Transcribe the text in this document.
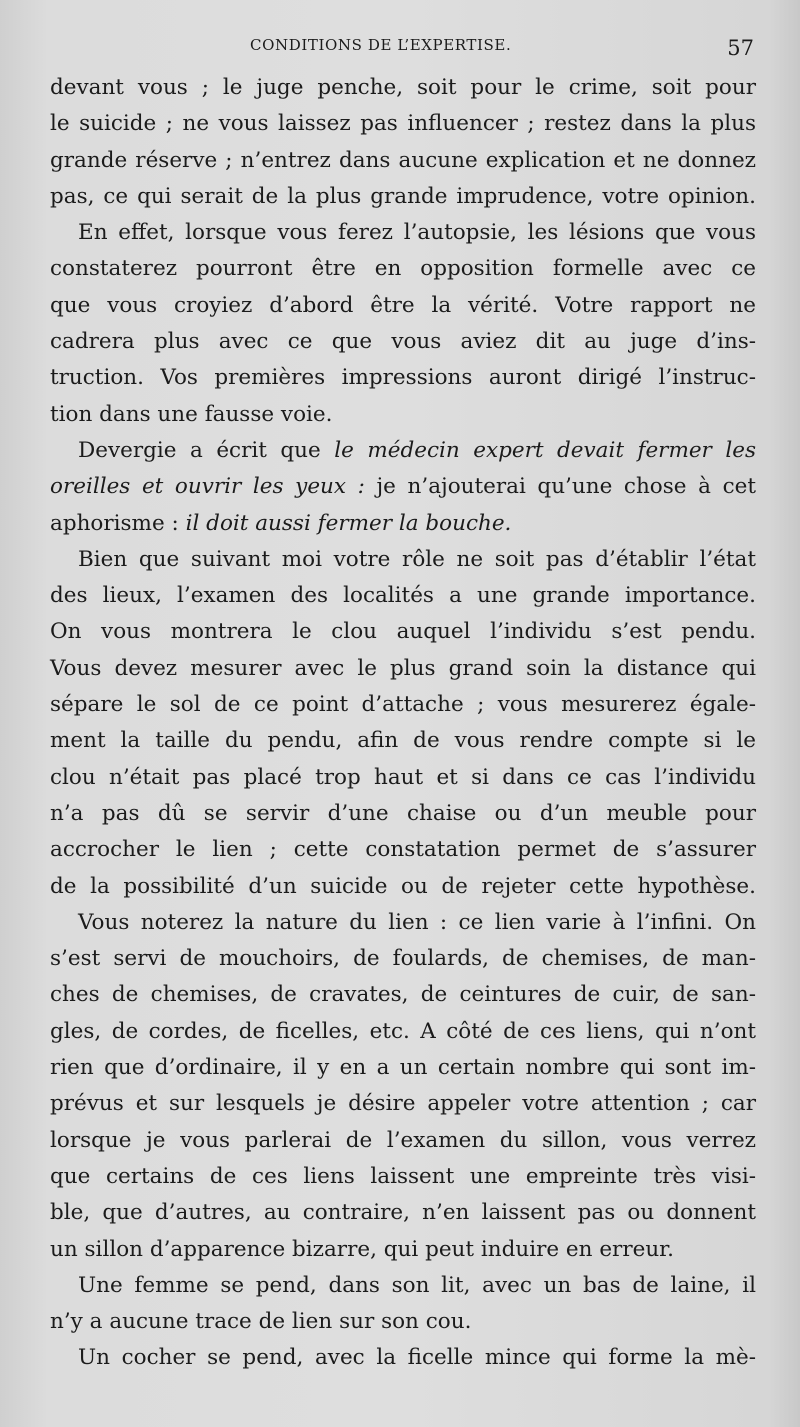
CONDITIONS DE L’EXPERTISE.	57
devant vous ; le juge penche, soit pour le crime, soit pour
le suicide ; ne vous laissez pas influencer ; restez dans la plus
grande réserve ; n’entrez dans aucune explication et ne donnez
pas, ce qui serait de la plus grande imprudence, votre opinion.
En effet, lorsque vous ferez l’autopsie, les lésions que vous
constaterez pourront être en opposition formelle avec ce
que vous croyiez d’abord être la vérité. Votre rapport ne
cadrera plus avec ce que vous aviez dit au juge d’ins-
truction. Vos premières impressions auront dirigé l’instruc-
tion dans une fausse voie.
Devergie a écrit que le médecin expert devait fermer les
oreilles et ouvrir les yeux : je n’ajouterai qu’une chose à cet
aphorisme : il doit aussi fermer la bouche.
Bien que suivant moi votre rôle ne soit pas d’établir l’état
des lieux, l’examen des localités a une grande importance.
On vous montrera le clou auquel l’individu s’est pendu.
Vous devez mesurer avec le plus grand soin la distance qui
sépare le sol de ce point d’attache ; vous mesurerez égale-
ment la taille du pendu, afin de vous rendre compte si le
clou n’était pas placé trop haut et si dans ce cas l’individu
n’a pas dû se servir d’une chaise ou d’un meuble pour
accrocher le lien ; cette constatation permet de s’assurer
de la possibilité d’un suicide ou de rejeter cette hypothèse.
Vous noterez la nature du lien : ce lien varie à l’infini. On
s’est servi de mouchoirs, de foulards, de chemises, de man-
ches de chemises, de cravates, de ceintures de cuir, de san-
gles, de cordes, de ficelles, etc. A côté de ces liens, qui n’ont
rien que d’ordinaire, il y en a un certain nombre qui sont im-
prévus et sur lesquels je désire appeler votre attention ; car
lorsque je vous parlerai de l’examen du sillon, vous verrez
que certains de ces liens laissent une empreinte très visi-
ble, que d’autres, au contraire, n’en laissent pas ou donnent
un sillon d’apparence bizarre, qui peut induire en erreur.
Une femme se pend, dans son lit, avec un bas de laine, il
n’y a aucune trace de lien sur son cou.
Un cocher se pend, avec la ficelle mince qui forme la mè-
